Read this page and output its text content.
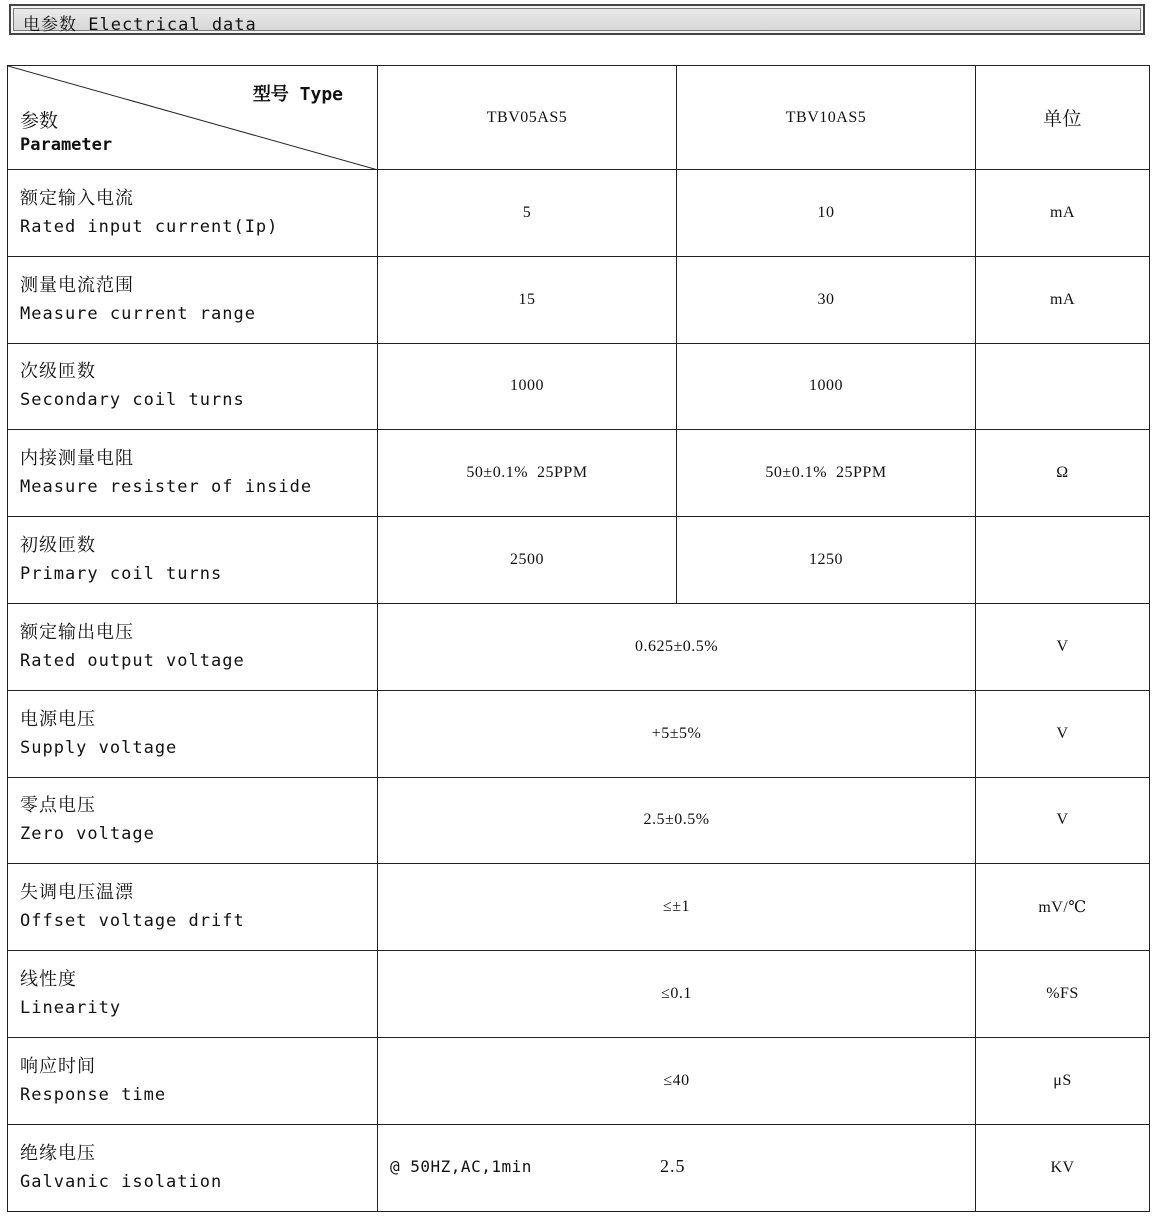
电参数 Electrical data
型号 Type
参数
Parameter	TBV05AS5	TBV10AS5	单位

额定输入电流
Rated input current(Ip)	5	10	mA

测量电流范围
Measure current range	15	30	mA

次级匝数
Secondary coil turns	1000	1000	

内接测量电阻
Measure resister of inside	50±0.1%  25PPM	50±0.1%  25PPM	Ω

初级匝数
Primary coil turns	2500	1250	

额定输出电压
Rated output voltage	0.625±0.5%		V

电源电压
Supply voltage	+5±5%		V

零点电压
Zero voltage	2.5±0.5%		V

失调电压温漂
Offset voltage drift	≤±1		mV/℃

线性度
Linearity	≤0.1		%FS

响应时间
Response time	≤40		μS

绝缘电压
Galvanic isolation	@ 50HZ,AC,1min 2.5		KV
